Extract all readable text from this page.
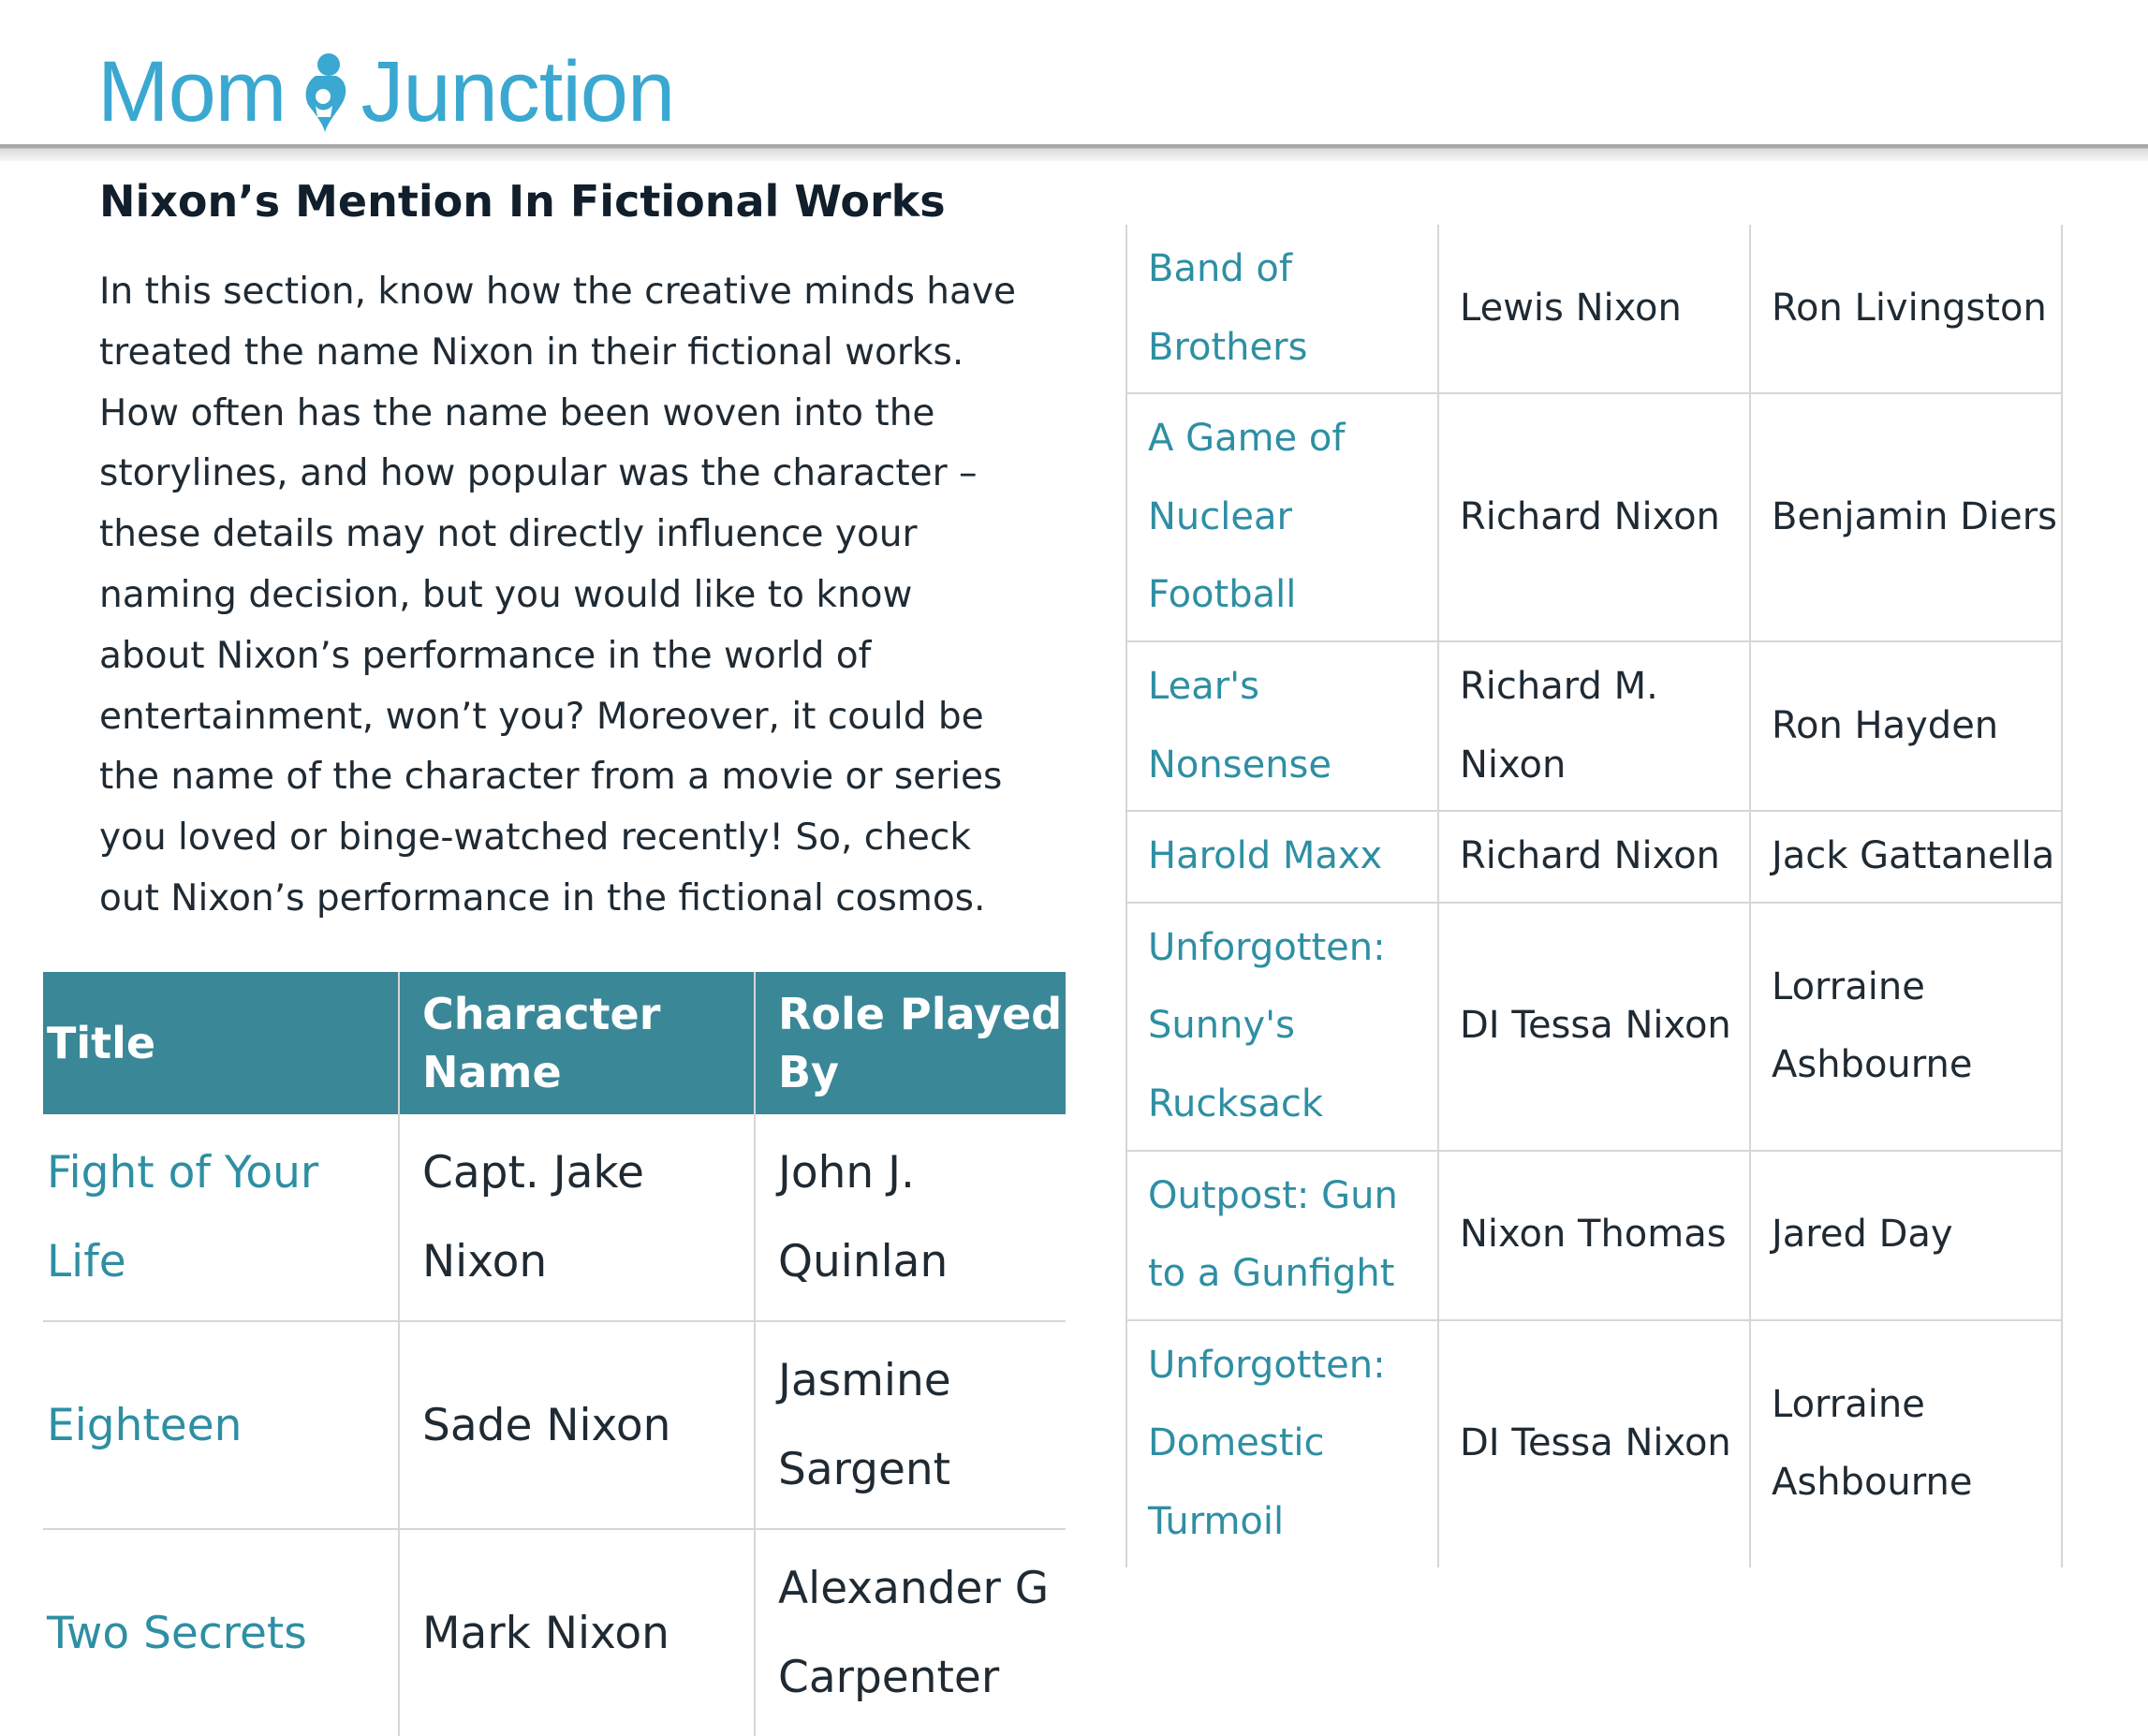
Mom Junction
Nixon’s Mention In Fictional Works

In this section, know how the creative minds have treated the name Nixon in their fictional works. How often has the name been woven into the storylines, and how popular was the character – these details may not directly influence your naming decision, but you would like to know about Nixon’s performance in the world of entertainment, won’t you? Moreover, it could be the name of the character from a movie or series you loved or binge-watched recently! So, check out Nixon’s performance in the fictional cosmos.

Title	Character Name	Role Played By
Fight of Your Life	Capt. Jake Nixon	John J. Quinlan
Eighteen	Sade Nixon	Jasmine Sargent
Two Secrets	Mark Nixon	Alexander G Carpenter
Band of Brothers	Lewis Nixon	Ron Livingston
A Game of Nuclear Football	Richard Nixon	Benjamin Diers
Lear's Nonsense	Richard M. Nixon	Ron Hayden
Harold Maxx	Richard Nixon	Jack Gattanella
Unforgotten: Sunny's Rucksack	DI Tessa Nixon	Lorraine Ashbourne
Outpost: Gun to a Gunfight	Nixon Thomas	Jared Day
Unforgotten: Domestic Turmoil	DI Tessa Nixon	Lorraine Ashbourne
